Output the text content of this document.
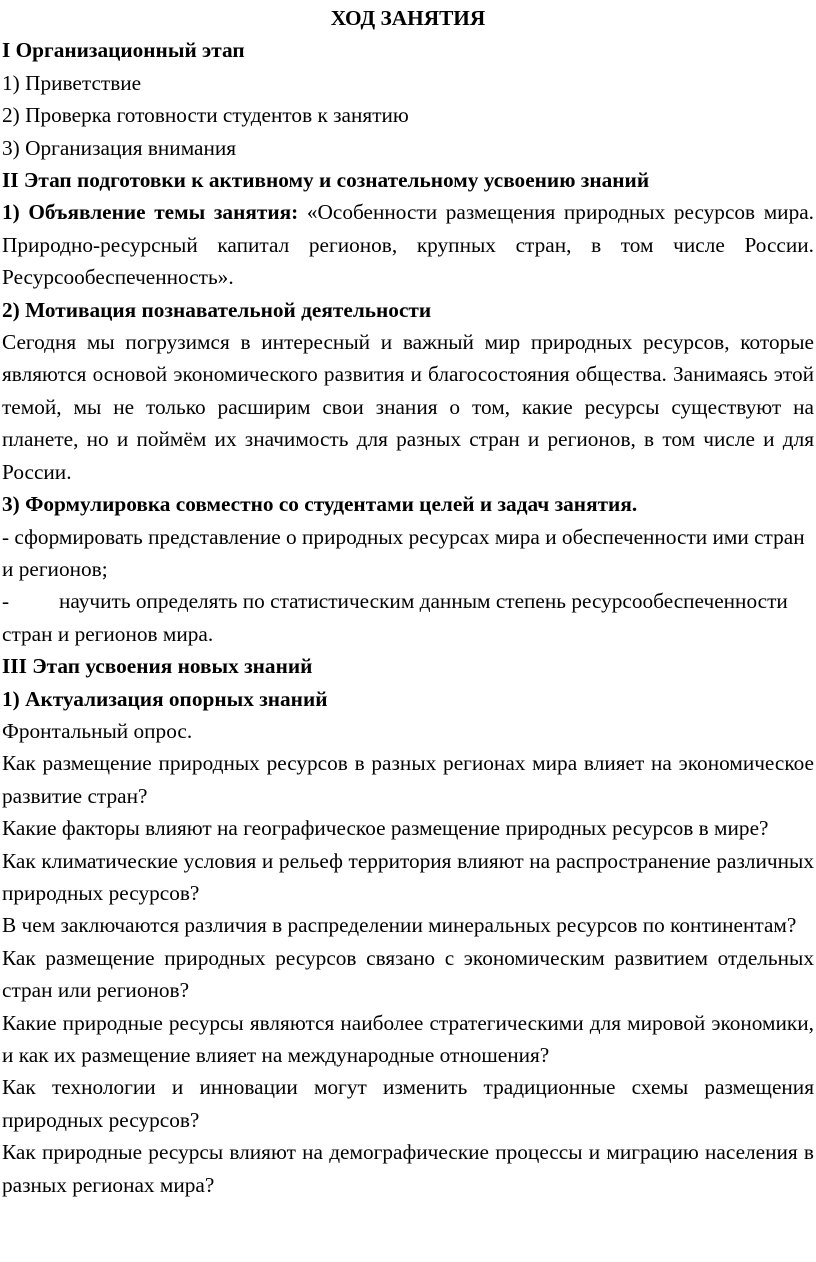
ХОД ЗАНЯТИЯ

I Организационный этап

1) Приветствие

2) Проверка готовности студентов к занятию

3) Организация внимания

II Этап подготовки к активному и сознательному усвоению знаний

1) Объявление темы занятия: «Особенности размещения природных ресурсов мира. Природно-ресурсный капитал регионов, крупных стран, в том числе России. Ресурсообеспеченность».

2) Мотивация познавательной деятельности

Сегодня мы погрузимся в интересный и важный мир природных ресурсов, которые являются основой экономического развития и благосостояния общества. Занимаясь этой темой, мы не только расширим свои знания о том, какие ресурсы существуют на планете, но и поймём их значимость для разных стран и регионов, в том числе и для России.

3) Формулировка совместно со студентами целей и задач занятия.

- сформировать представление о природных ресурсах мира и обеспеченности ими стран и регионов;

- научить определять по статистическим данным степень ресурсообеспеченности стран и регионов мира.

III Этап усвоения новых знаний

1) Актуализация опорных знаний

Фронтальный опрос.

Как размещение природных ресурсов в разных регионах мира влияет на экономическое развитие стран?

Какие факторы влияют на географическое размещение природных ресурсов в мире?

Как климатические условия и рельеф территория влияют на распространение различных природных ресурсов?

В чем заключаются различия в распределении минеральных ресурсов по континентам?

Как размещение природных ресурсов связано с экономическим развитием отдельных стран или регионов?

Какие природные ресурсы являются наиболее стратегическими для мировой экономики, и как их размещение влияет на международные отношения?

Как технологии и инновации могут изменить традиционные схемы размещения природных ресурсов?

Как природные ресурсы влияют на демографические процессы и миграцию населения в разных регионах мира?
